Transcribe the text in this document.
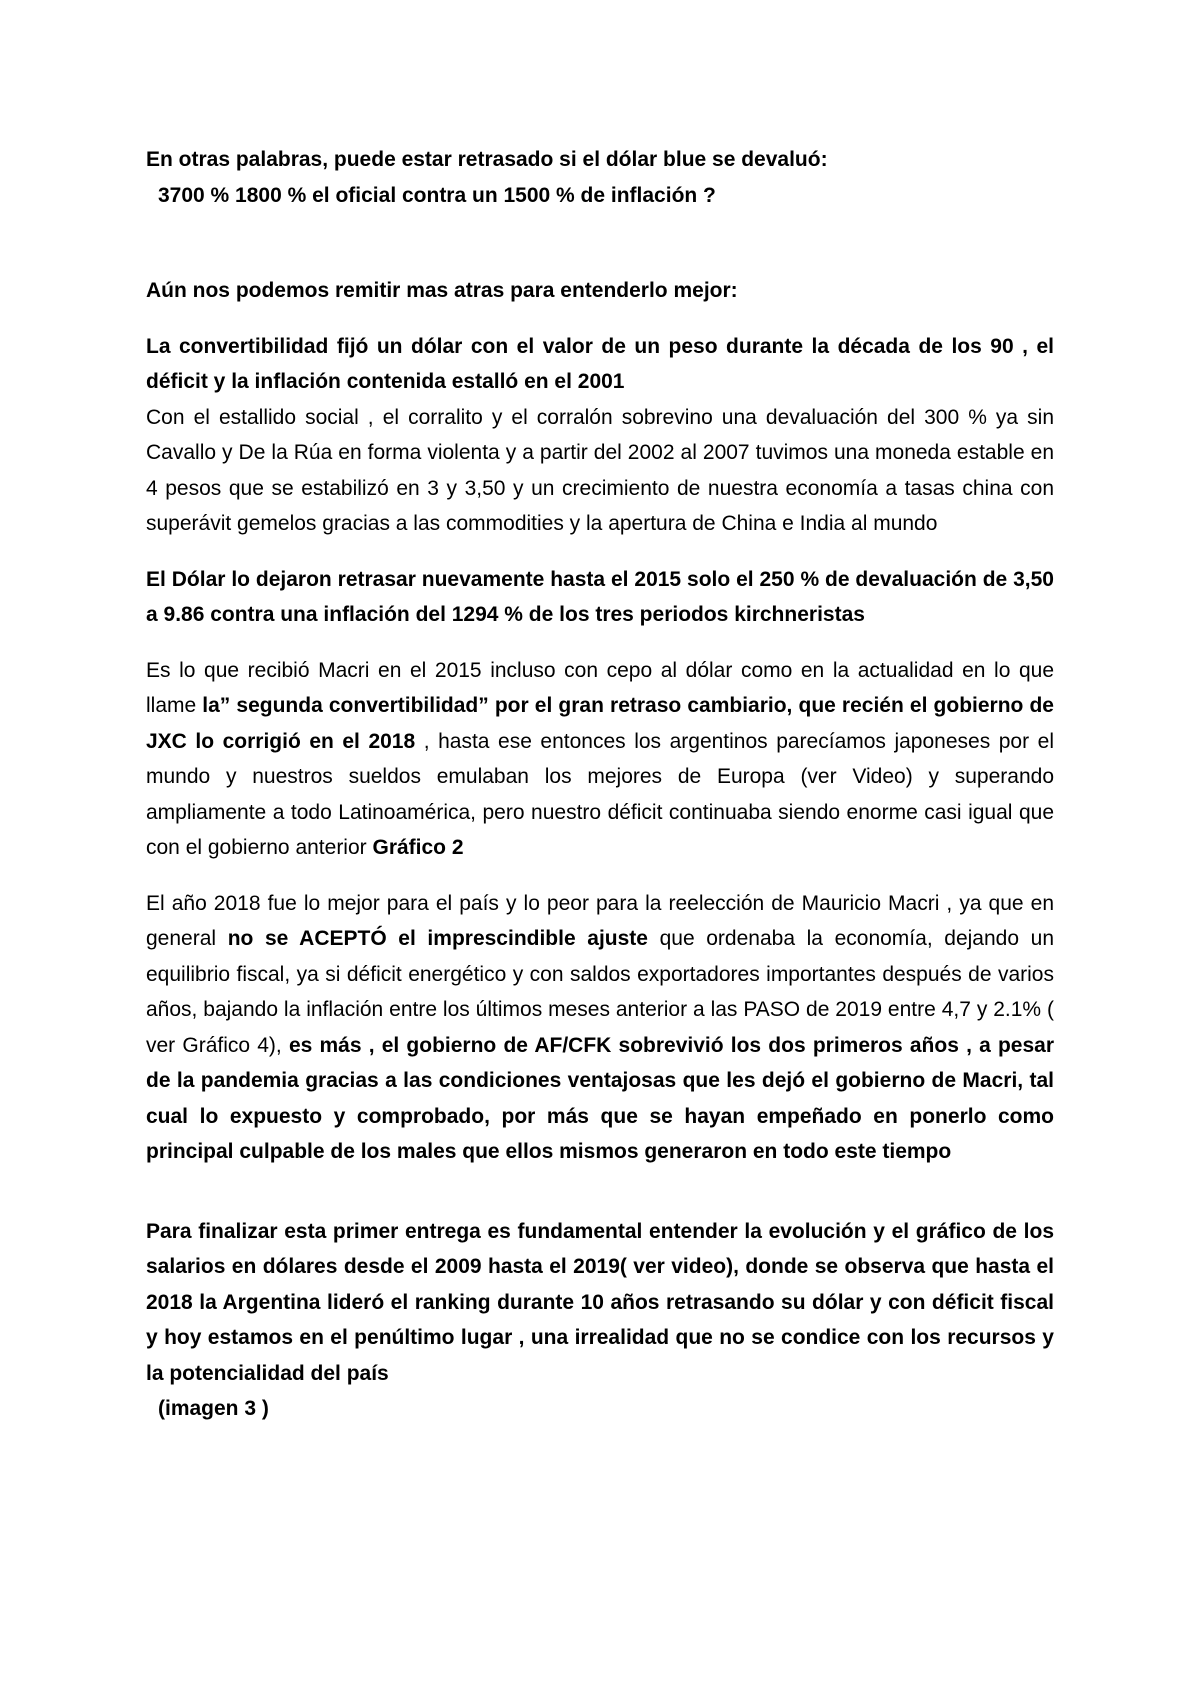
En otras palabras, puede estar retrasado si el dólar blue se devaluó:

3700 % 1800 % el oficial contra un 1500 % de inflación ?

Aún nos podemos remitir mas atras para entenderlo mejor:

La convertibilidad fijó un dólar con el valor de un peso durante la década de los 90 , el déficit y la inflación contenida estalló en el 2001

Con el estallido social , el corralito y el corralón sobrevino una devaluación del 300 % ya sin Cavallo y De la Rúa en forma violenta y a partir del 2002 al 2007 tuvimos una moneda estable en 4 pesos que se estabilizó en 3 y 3,50 y un crecimiento de nuestra economía a tasas china con superávit gemelos gracias a las commodities y la apertura de China e India al mundo

El Dólar lo dejaron retrasar nuevamente hasta el 2015 solo el 250 % de devaluación de 3,50 a 9.86 contra una inflación del 1294 % de los tres periodos kirchneristas

Es lo que recibió Macri en el 2015 incluso con cepo al dólar como en la actualidad en lo que llame la” segunda convertibilidad” por el gran retraso cambiario, que recién el gobierno de JXC lo corrigió en el 2018 , hasta ese entonces los argentinos parecíamos japoneses por el mundo y nuestros sueldos emulaban los mejores de Europa (ver Video) y superando ampliamente a todo Latinoamérica, pero nuestro déficit continuaba siendo enorme casi igual que con el gobierno anterior Gráfico 2

El año 2018 fue lo mejor para el país y lo peor para la reelección de Mauricio Macri , ya que en general no se ACEPTÓ el imprescindible ajuste que ordenaba la economía, dejando un equilibrio fiscal, ya si déficit energético y con saldos exportadores importantes después de varios años, bajando la inflación entre los últimos meses anterior a las PASO de 2019 entre 4,7 y 2.1% ( ver Gráfico 4), es más , el gobierno de AF/CFK sobrevivió los dos primeros años , a pesar de la pandemia gracias a las condiciones ventajosas que les dejó el gobierno de Macri, tal cual lo expuesto y comprobado, por más que se hayan empeñado en ponerlo como principal culpable de los males que ellos mismos generaron en todo este tiempo

Para finalizar esta primer entrega es fundamental entender la evolución y el gráfico de los salarios en dólares desde el 2009 hasta el 2019( ver video), donde se observa que hasta el 2018 la Argentina lideró el ranking durante 10 años retrasando su dólar y con déficit fiscal y hoy estamos en el penúltimo lugar , una irrealidad que no se condice con los recursos y la potencialidad del país

(imagen 3 )
